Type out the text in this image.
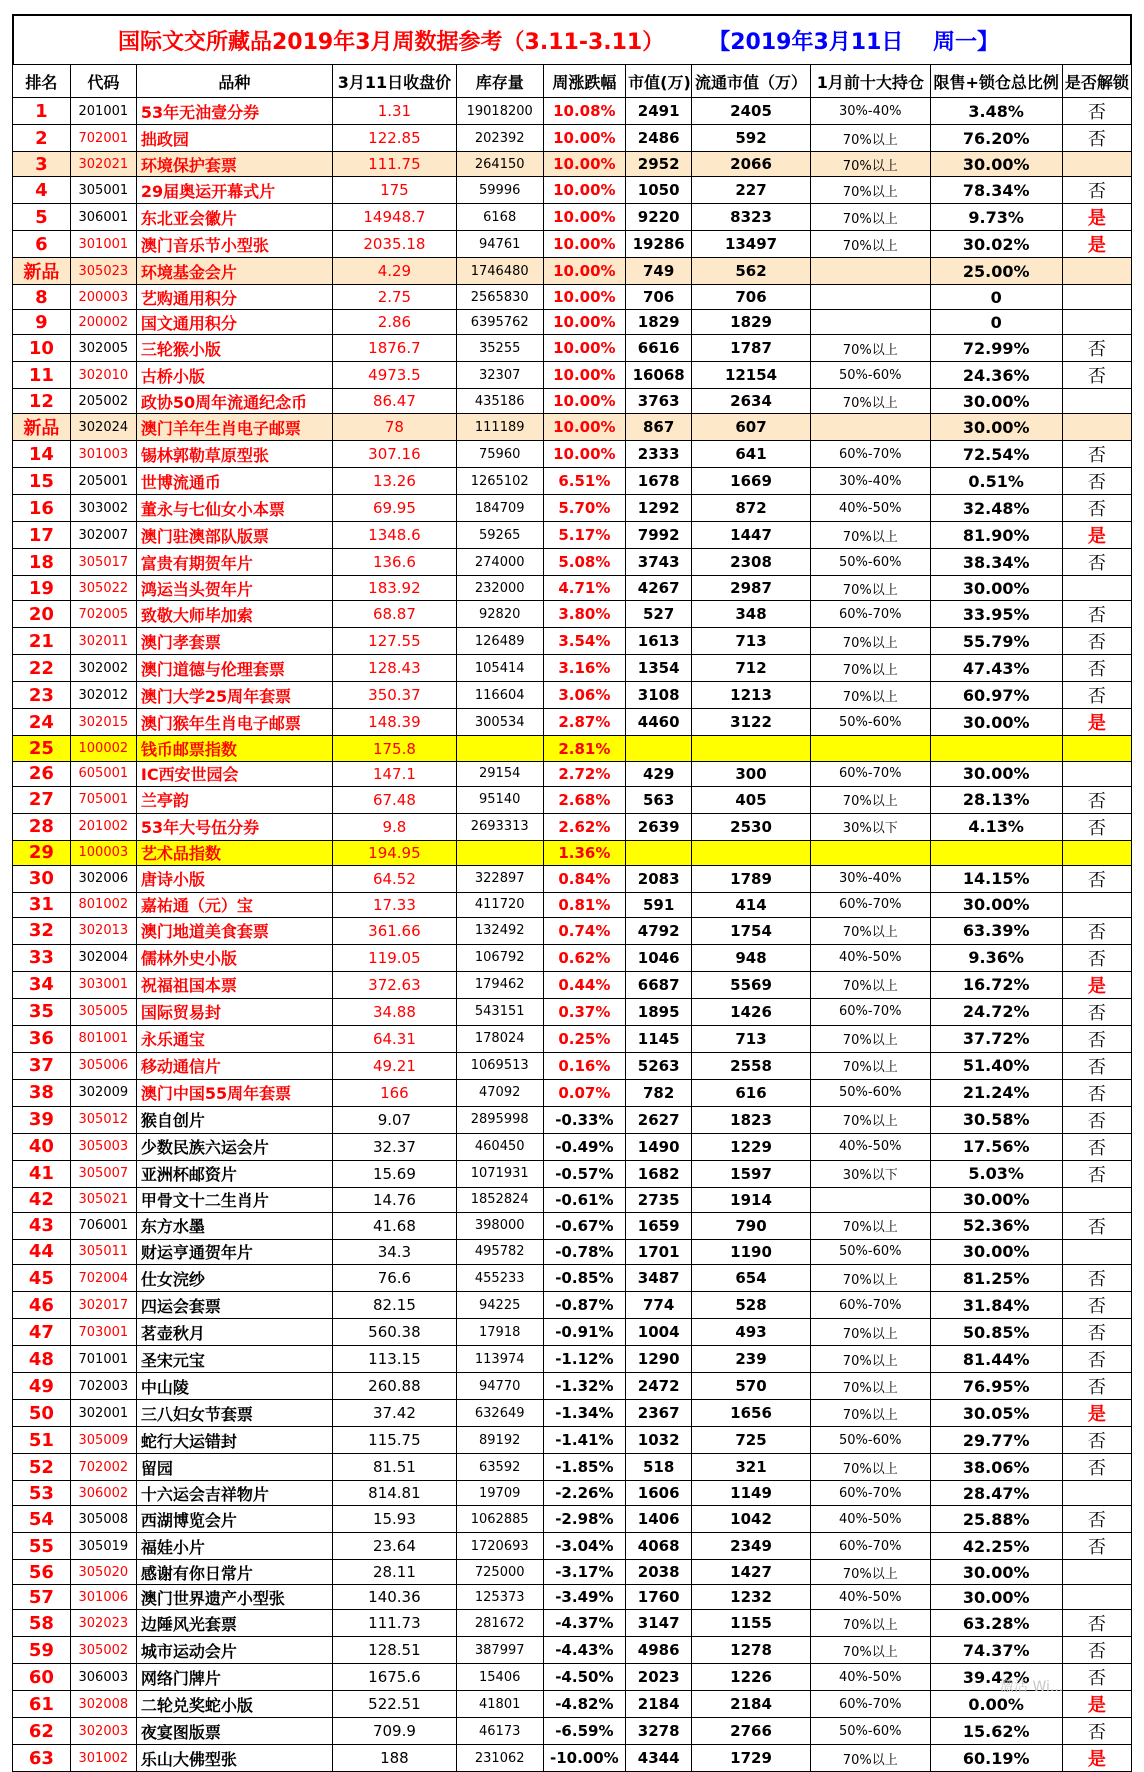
国际文交所藏品2019年3月周数据参考（3.11-3.11） 【2019年3月11日　 周一】
排名	代码	品种	3月11日收盘价	库存量	周涨跌幅	市值(万)	流通市值（万）	1月前十大持仓	限售+锁仓总比例	是否解锁
1	201001	53年无油壹分券	1.31	19018200	10.08%	2491	2405	30%-40%	3.48%	否
2	702001	拙政园	122.85	202392	10.00%	2486	592	70%以上	76.20%	否
3	302021	环境保护套票	111.75	264150	10.00%	2952	2066	70%以上	30.00%	
4	305001	29届奥运开幕式片	175	59996	10.00%	1050	227	70%以上	78.34%	否
5	306001	东北亚会徽片	14948.7	6168	10.00%	9220	8323	70%以上	9.73%	是
6	301001	澳门音乐节小型张	2035.18	94761	10.00%	19286	13497	70%以上	30.02%	是
新品	305023	环境基金会片	4.29	1746480	10.00%	749	562		25.00%	
8	200003	艺购通用积分	2.75	2565830	10.00%	706	706		0	
9	200002	国文通用积分	2.86	6395762	10.00%	1829	1829		0	
10	302005	三轮猴小版	1876.7	35255	10.00%	6616	1787	70%以上	72.99%	否
11	302010	古桥小版	4973.5	32307	10.00%	16068	12154	50%-60%	24.36%	否
12	205002	政协50周年流通纪念币	86.47	435186	10.00%	3763	2634	70%以上	30.00%	
新品	302024	澳门羊年生肖电子邮票	78	111189	10.00%	867	607		30.00%	
14	301003	锡林郭勒草原型张	307.16	75960	10.00%	2333	641	60%-70%	72.54%	否
15	205001	世博流通币	13.26	1265102	6.51%	1678	1669	30%-40%	0.51%	否
16	303002	董永与七仙女小本票	69.95	184709	5.70%	1292	872	40%-50%	32.48%	否
17	302007	澳门驻澳部队版票	1348.6	59265	5.17%	7992	1447	70%以上	81.90%	是
18	305017	富贵有期贺年片	136.6	274000	5.08%	3743	2308	50%-60%	38.34%	否
19	305022	鸿运当头贺年片	183.92	232000	4.71%	4267	2987	70%以上	30.00%	
20	702005	致敬大师毕加索	68.87	92820	3.80%	527	348	60%-70%	33.95%	否
21	302011	澳门孝套票	127.55	126489	3.54%	1613	713	70%以上	55.79%	否
22	302002	澳门道德与伦理套票	128.43	105414	3.16%	1354	712	70%以上	47.43%	否
23	302012	澳门大学25周年套票	350.37	116604	3.06%	3108	1213	70%以上	60.97%	否
24	302015	澳门猴年生肖电子邮票	148.39	300534	2.87%	4460	3122	50%-60%	30.00%	是
25	100002	钱币邮票指数	175.8		2.81%					
26	605001	IC西安世园会	147.1	29154	2.72%	429	300	60%-70%	30.00%	
27	705001	兰亭韵	67.48	95140	2.68%	563	405	70%以上	28.13%	否
28	201002	53年大号伍分券	9.8	2693313	2.62%	2639	2530	30%以下	4.13%	否
29	100003	艺术品指数	194.95		1.36%					
30	302006	唐诗小版	64.52	322897	0.84%	2083	1789	30%-40%	14.15%	否
31	801002	嘉祐通（元）宝	17.33	411720	0.81%	591	414	60%-70%	30.00%	
32	302013	澳门地道美食套票	361.66	132492	0.74%	4792	1754	70%以上	63.39%	否
33	302004	儒林外史小版	119.05	106792	0.62%	1046	948	40%-50%	9.36%	否
34	303001	祝福祖国本票	372.63	179462	0.44%	6687	5569	70%以上	16.72%	是
35	305005	国际贸易封	34.88	543151	0.37%	1895	1426	60%-70%	24.72%	否
36	801001	永乐通宝	64.31	178024	0.25%	1145	713	70%以上	37.72%	否
37	305006	移动通信片	49.21	1069513	0.16%	5263	2558	70%以上	51.40%	否
38	302009	澳门中国55周年套票	166	47092	0.07%	782	616	50%-60%	21.24%	否
39	305012	猴自创片	9.07	2895998	-0.33%	2627	1823	70%以上	30.58%	否
40	305003	少数民族六运会片	32.37	460450	-0.49%	1490	1229	40%-50%	17.56%	否
41	305007	亚洲杯邮资片	15.69	1071931	-0.57%	1682	1597	30%以下	5.03%	否
42	305021	甲骨文十二生肖片	14.76	1852824	-0.61%	2735	1914		30.00%	
43	706001	东方水墨	41.68	398000	-0.67%	1659	790	70%以上	52.36%	否
44	305011	财运亨通贺年片	34.3	495782	-0.78%	1701	1190	50%-60%	30.00%	
45	702004	仕女浣纱	76.6	455233	-0.85%	3487	654	70%以上	81.25%	否
46	302017	四运会套票	82.15	94225	-0.87%	774	528	60%-70%	31.84%	否
47	703001	茗壶秋月	560.38	17918	-0.91%	1004	493	70%以上	50.85%	否
48	701001	圣宋元宝	113.15	113974	-1.12%	1290	239	70%以上	81.44%	否
49	702003	中山陵	260.88	94770	-1.32%	2472	570	70%以上	76.95%	否
50	302001	三八妇女节套票	37.42	632649	-1.34%	2367	1656	70%以上	30.05%	是
51	305009	蛇行大运错封	115.75	89192	-1.41%	1032	725	50%-60%	29.77%	否
52	702002	留园	81.51	63592	-1.85%	518	321	70%以上	38.06%	否
53	306002	十六运会吉祥物片	814.81	19709	-2.26%	1606	1149	60%-70%	28.47%	
54	305008	西湖博览会片	15.93	1062885	-2.98%	1406	1042	40%-50%	25.88%	否
55	305019	福娃小片	23.64	1720693	-3.04%	4068	2349	60%-70%	42.25%	否
56	305020	感谢有你日常片	28.11	725000	-3.17%	2038	1427	70%以上	30.00%	
57	301006	澳门世界遗产小型张	140.36	125373	-3.49%	1760	1232	40%-50%	30.00%	
58	302023	边陲风光套票	111.73	281672	-4.37%	3147	1155	70%以上	63.28%	否
59	305002	城市运动会片	128.51	387997	-4.43%	4986	1278	70%以上	74.37%	否
60	306003	网络门牌片	1675.6	15406	-4.50%	2023	1226	40%-50%	39.42%	否
61	302008	二轮兑奖蛇小版	522.51	41801	-4.82%	2184	2184	60%-70%	0.00%	是
62	302003	夜宴图版票	709.9	46173	-6.59%	3278	2766	50%-60%	15.62%	否
63	301002	乐山大佛型张	188	231062	-10.00%	4344	1729	70%以上	60.19%	是
激活 Wi...
